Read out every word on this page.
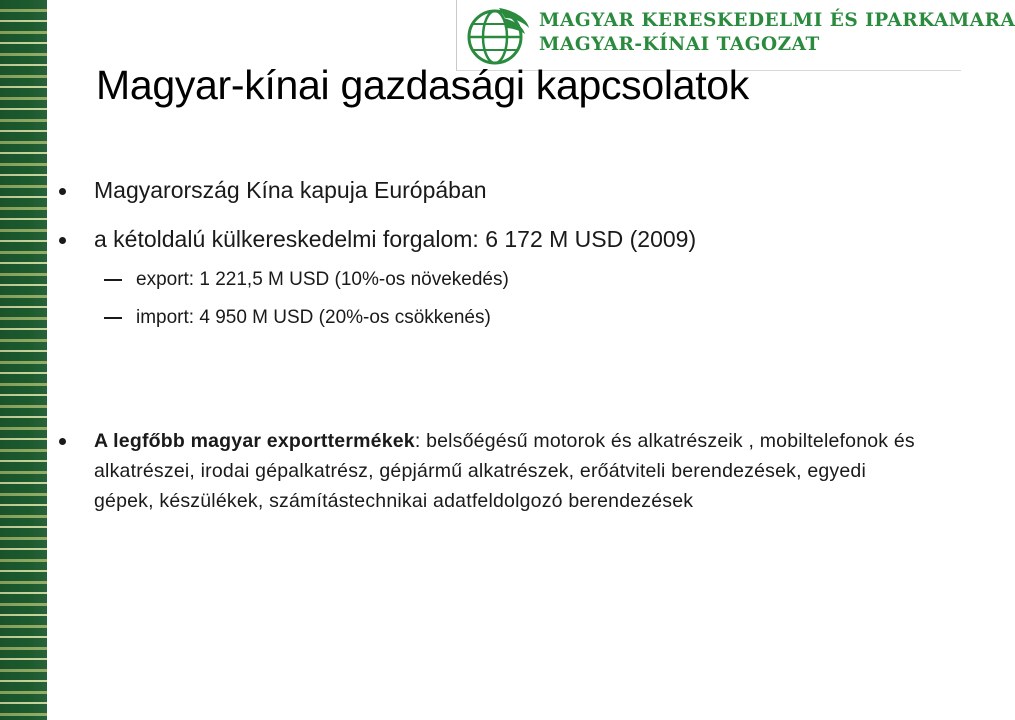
MAGYAR KERESKEDELMI ÉS IPARKAMARA
MAGYAR-KÍNAI TAGOZAT
Magyar-kínai gazdasági kapcsolatok
Magyarország Kína kapuja Európában
a kétoldalú külkereskedelmi forgalom: 6 172 M USD (2009)
export: 1 221,5 M USD (10%-os növekedés)
import: 4 950 M USD (20%-os csökkenés)
A legfőbb magyar exporttermékek: belsőégésű motorok és alkatrészeik , mobiltelefonok és alkatrészei, irodai gépalkatrész, gépjármű alkatrészek, erőátviteli berendezések, egyedi gépek, készülékek, számítástechnikai adatfeldolgozó berendezések
